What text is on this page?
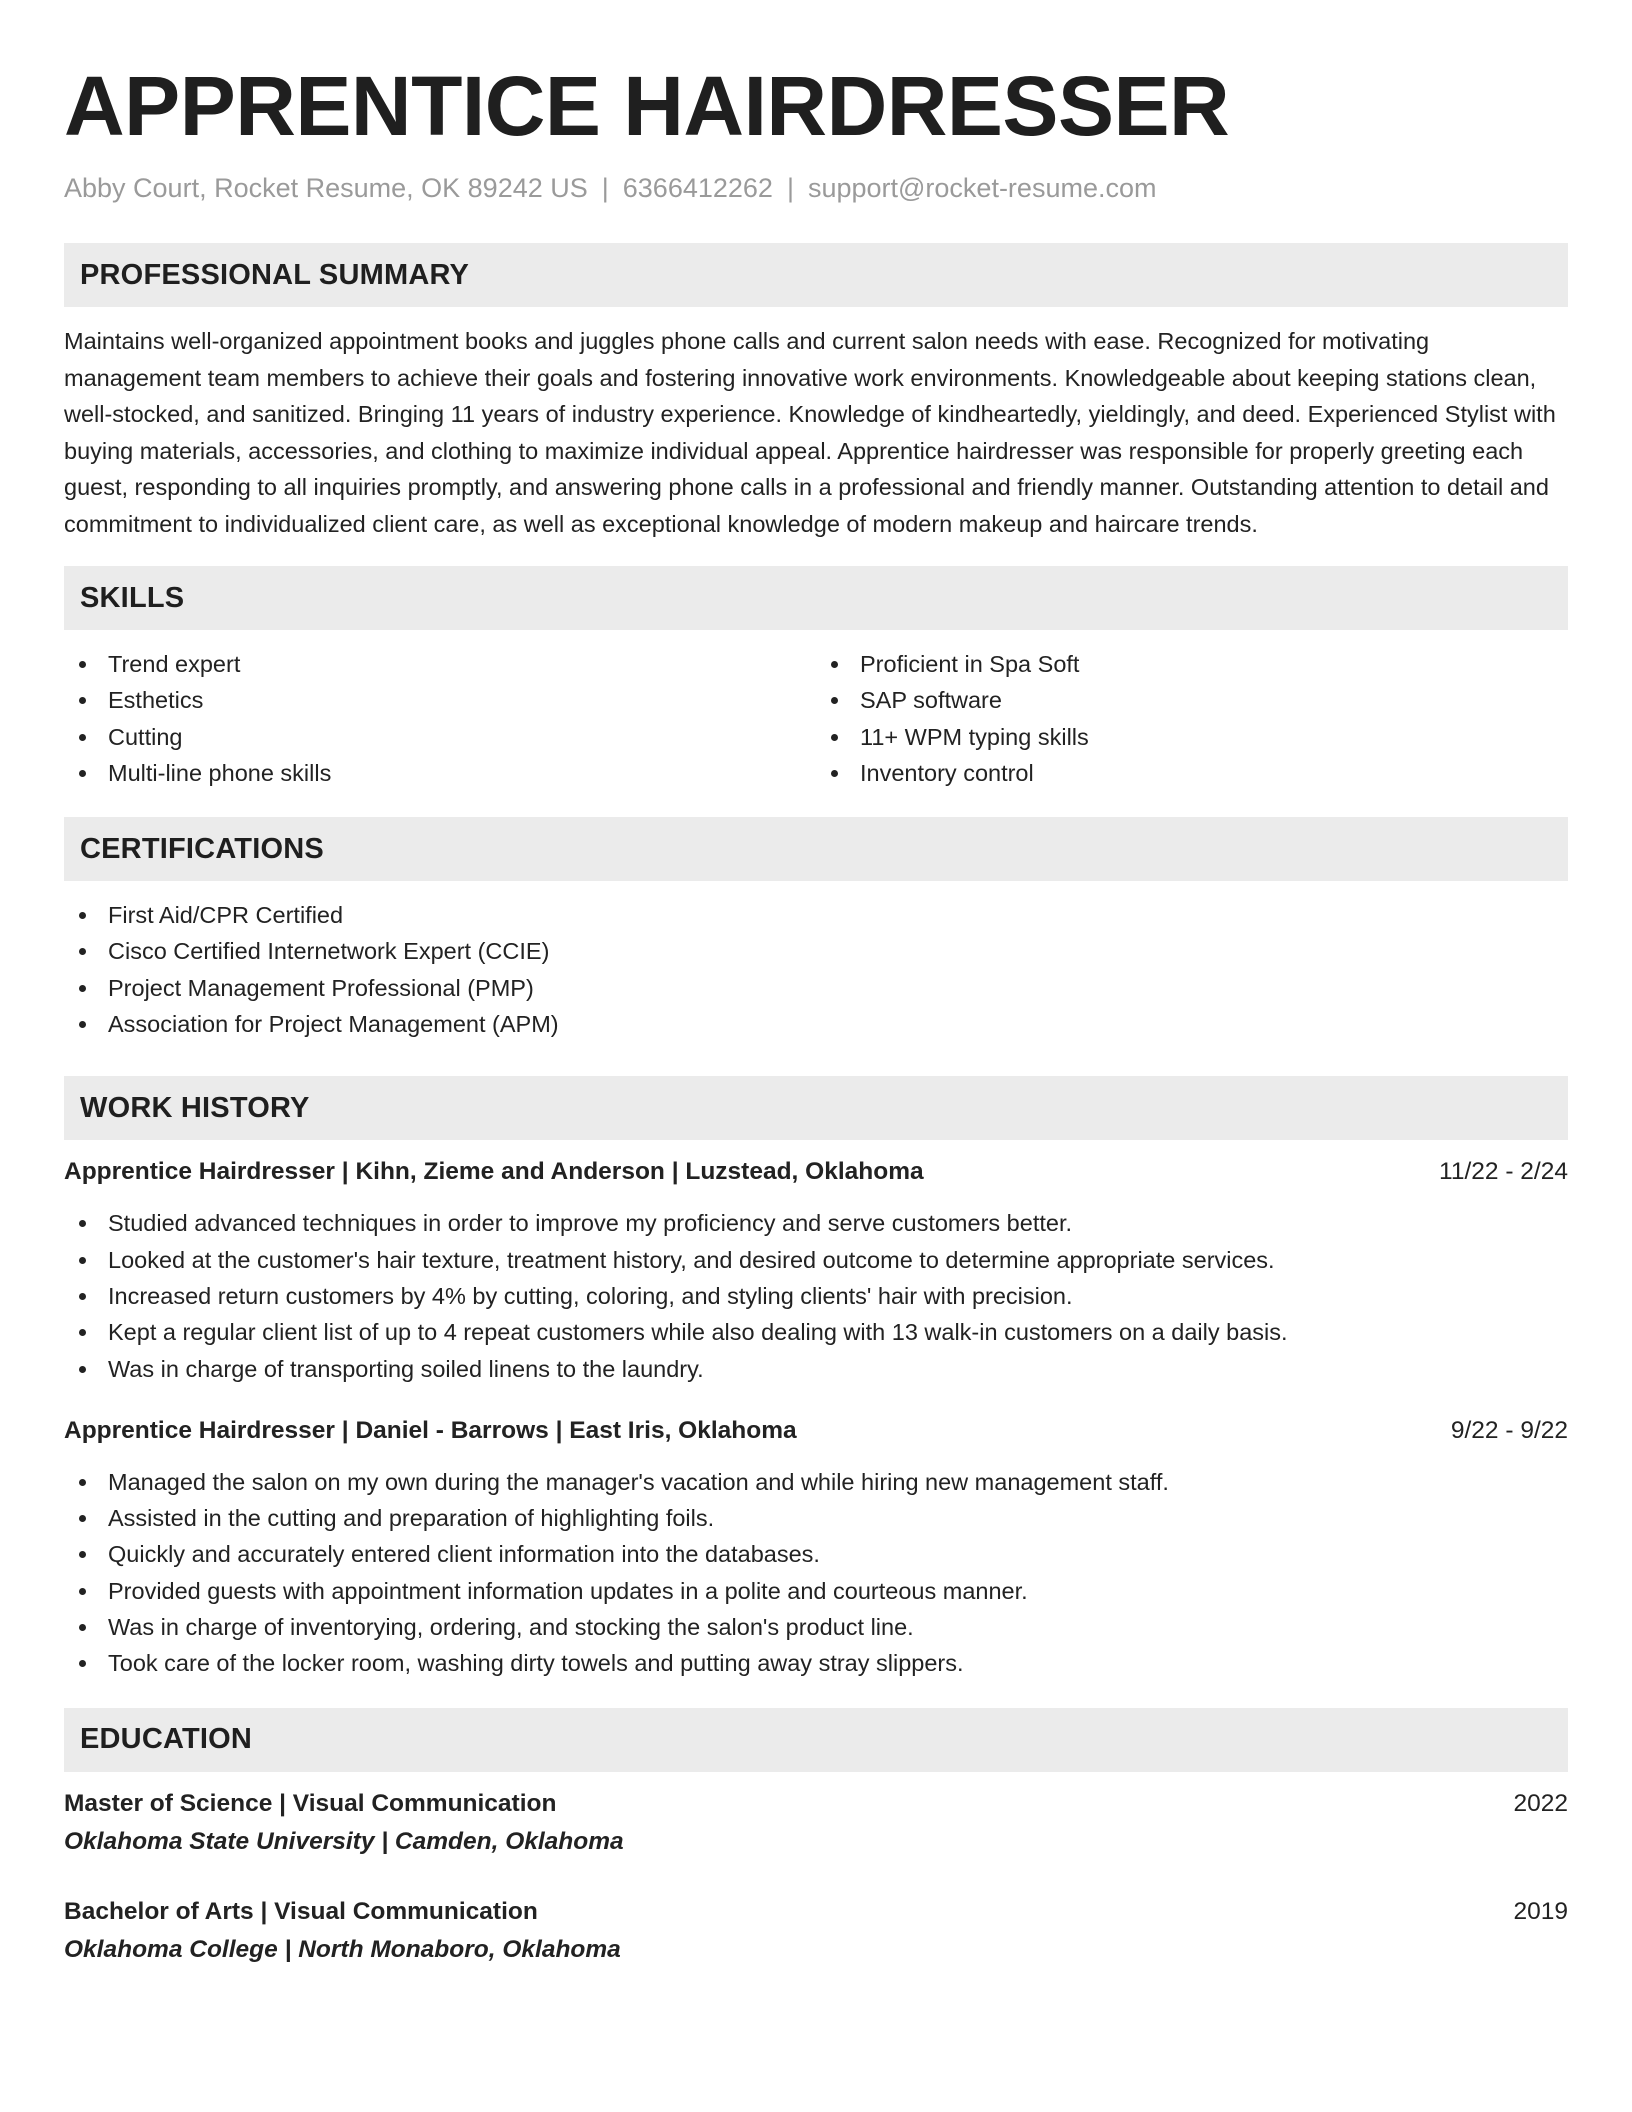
APPRENTICE HAIRDRESSER
Abby Court, Rocket Resume, OK 89242 US | 6366412262 | support@rocket-resume.com
PROFESSIONAL SUMMARY

Maintains well-organized appointment books and juggles phone calls and current salon needs with ease. Recognized for motivating management team members to achieve their goals and fostering innovative work environments. Knowledgeable about keeping stations clean, well-stocked, and sanitized. Bringing 11 years of industry experience. Knowledge of kindheartedly, yieldingly, and deed. Experienced Stylist with buying materials, accessories, and clothing to maximize individual appeal. Apprentice hairdresser was responsible for properly greeting each guest, responding to all inquiries promptly, and answering phone calls in a professional and friendly manner. Outstanding attention to detail and commitment to individualized client care, as well as exceptional knowledge of modern makeup and haircare trends.

SKILLS
Trend expert
Esthetics
Cutting
Multi-line phone skills
Proficient in Spa Soft
SAP software
11+ WPM typing skills
Inventory control
CERTIFICATIONS
First Aid/CPR Certified
Cisco Certified Internetwork Expert (CCIE)
Project Management Professional (PMP)
Association for Project Management (APM)
WORK HISTORY
Apprentice Hairdresser | Kihn, Zieme and Anderson | Luzstead, Oklahoma	11/22 - 2/24
Studied advanced techniques in order to improve my proficiency and serve customers better.
Looked at the customer's hair texture, treatment history, and desired outcome to determine appropriate services.
Increased return customers by 4% by cutting, coloring, and styling clients' hair with precision.
Kept a regular client list of up to 4 repeat customers while also dealing with 13 walk-in customers on a daily basis.
Was in charge of transporting soiled linens to the laundry.
Apprentice Hairdresser | Daniel - Barrows | East Iris, Oklahoma	9/22 - 9/22
Managed the salon on my own during the manager's vacation and while hiring new management staff.
Assisted in the cutting and preparation of highlighting foils.
Quickly and accurately entered client information into the databases.
Provided guests with appointment information updates in a polite and courteous manner.
Was in charge of inventorying, ordering, and stocking the salon's product line.
Took care of the locker room, washing dirty towels and putting away stray slippers.
EDUCATION
Master of Science | Visual Communication	2022
Oklahoma State University | Camden, Oklahoma
Bachelor of Arts | Visual Communication	2019
Oklahoma College | North Monaboro, Oklahoma
